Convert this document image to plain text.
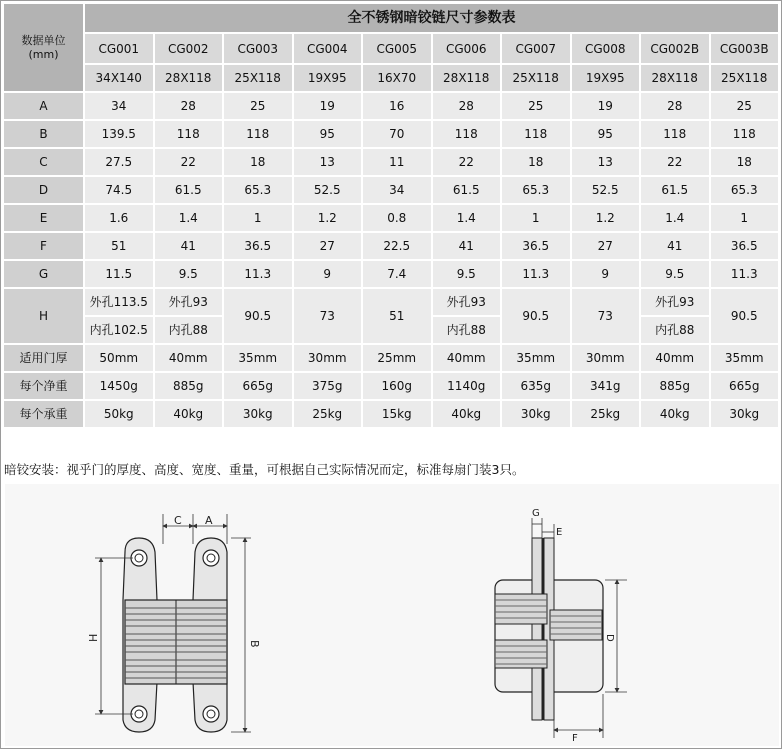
数据单位
(mm)	全不锈钢暗铰链尺寸参数表									
	CG001	CG002	CG003	CG004	CG005	CG006	CG007	CG008	CG002B	CG003B
	34X140	28X118	25X118	19X95	16X70	28X118	25X118	19X95	28X118	25X118
A	34	28	25	19	16	28	25	19	28	25
B	139.5	118	118	95	70	118	118	95	118	118
C	27.5	22	18	13	11	22	18	13	22	18
D	74.5	61.5	65.3	52.5	34	61.5	65.3	52.5	61.5	65.3
E	1.6	1.4	1	1.2	0.8	1.4	1	1.2	1.4	1
F	51	41	36.5	27	22.5	41	36.5	27	41	36.5
G	11.5	9.5	11.3	9	7.4	9.5	11.3	9	9.5	11.3
H	外孔113.5	外孔93	90.5	73	51	外孔93	90.5	73	外孔93	90.5
	内孔102.5	内孔88				内孔88			内孔88	
适用门厚	50mm	40mm	35mm	30mm	25mm	40mm	35mm	30mm	40mm	35mm
每个净重	1450g	885g	665g	375g	160g	1140g	635g	341g	885g	665g
每个承重	50kg	40kg	30kg	25kg	15kg	40kg	30kg	25kg	40kg	30kg
暗铰安装：视乎门的厚度、高度、宽度、重量，可根据自己实际情况而定，标准每扇门装3只。
C A
B
H
G
E
D
F
